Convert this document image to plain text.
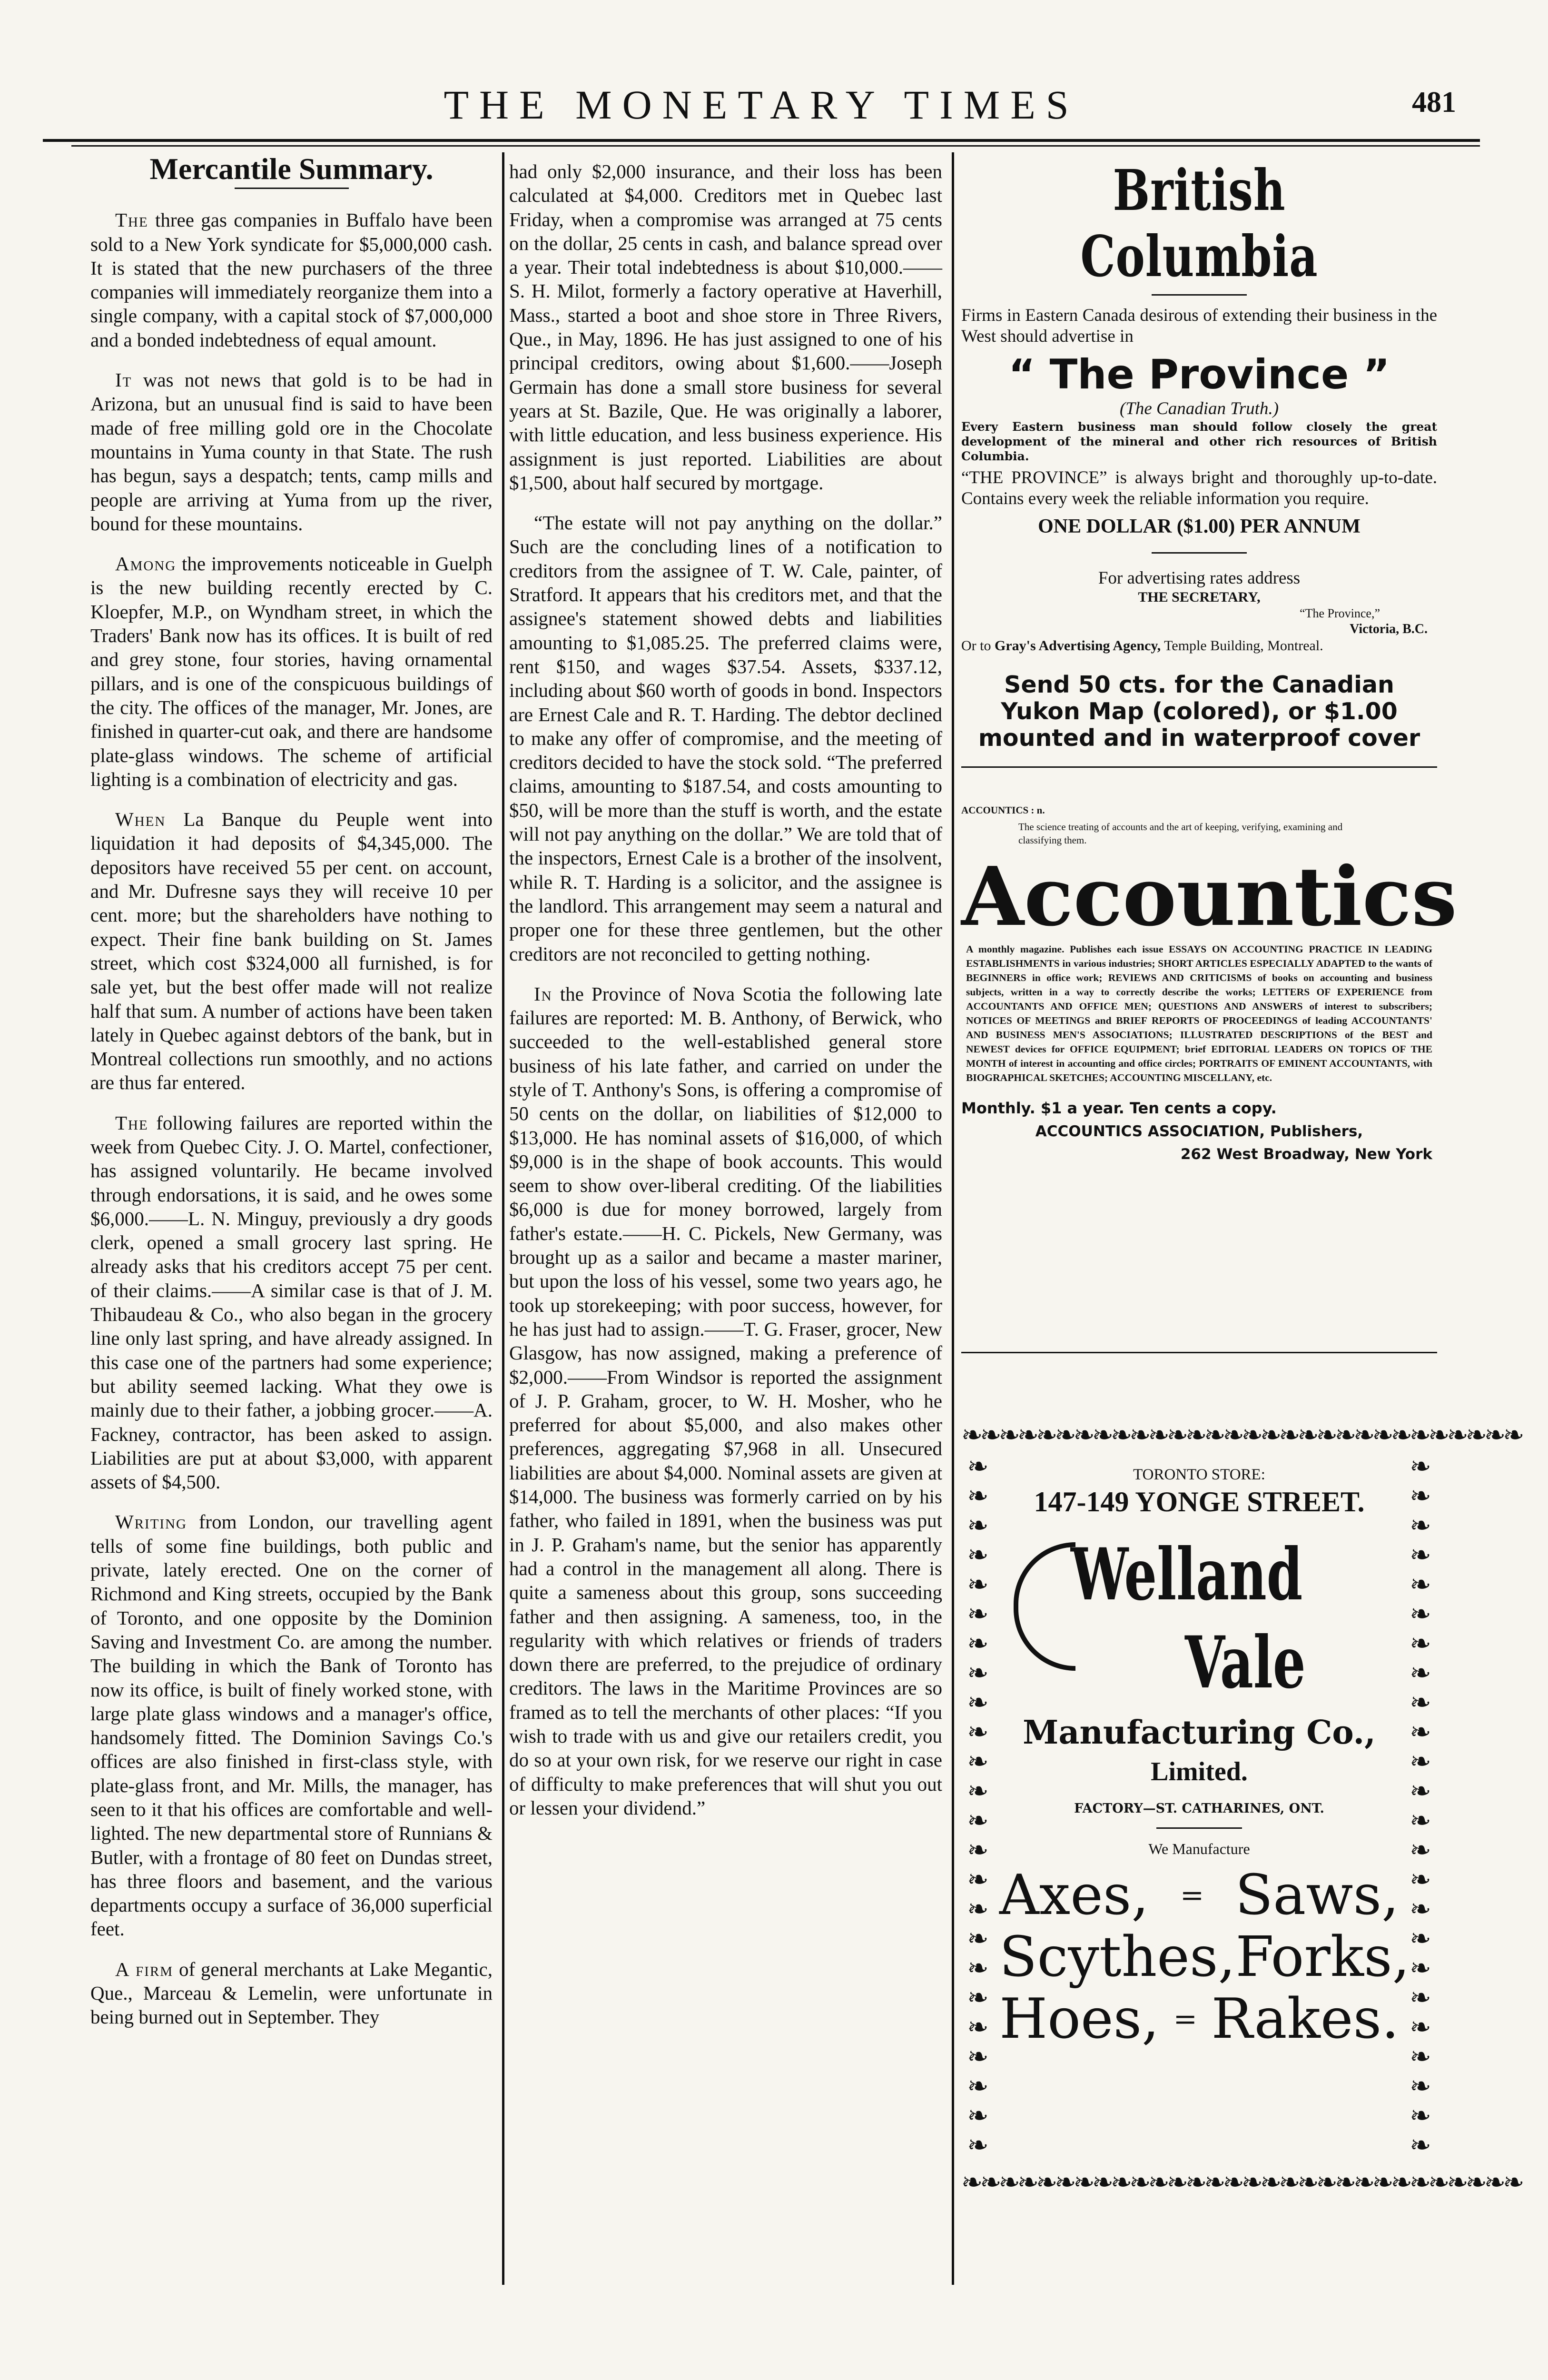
THE MONETARY TIMES	481
Mercantile Summary.

The three gas companies in Buffalo have been sold to a New York syndicate for $5,000,000 cash. It is stated that the new purchasers of the three companies will immediately reorganize them into a single company, with a capital stock of $7,000,000 and a bonded indebtedness of equal amount.

It was not news that gold is to be had in Arizona, but an unusual find is said to have been made of free milling gold ore in the Chocolate mountains in Yuma county in that State. The rush has begun, says a despatch; tents, camp mills and people are arriving at Yuma from up the river, bound for these mountains.

Among the improvements noticeable in Guelph is the new building recently erected by C. Kloepfer, M.P., on Wyndham street, in which the Traders' Bank now has its offices. It is built of red and grey stone, four stories, having ornamental pillars, and is one of the conspicuous buildings of the city. The offices of the manager, Mr. Jones, are finished in quarter-cut oak, and there are handsome plate-glass windows. The scheme of artificial lighting is a combination of electricity and gas.

When La Banque du Peuple went into liquidation it had deposits of $4,345,000. The depositors have received 55 per cent. on account, and Mr. Dufresne says they will receive 10 per cent. more; but the shareholders have nothing to expect. Their fine bank building on St. James street, which cost $324,000 all furnished, is for sale yet, but the best offer made will not realize half that sum. A number of actions have been taken lately in Quebec against debtors of the bank, but in Montreal collections run smoothly, and no actions are thus far entered.

The following failures are reported within the week from Quebec City. J. O. Martel, confectioner, has assigned voluntarily. He became involved through endorsations, it is said, and he owes some $6,000.——L. N. Minguy, previously a dry goods clerk, opened a small grocery last spring. He already asks that his creditors accept 75 per cent. of their claims.——A similar case is that of J. M. Thibaudeau & Co., who also began in the grocery line only last spring, and have already assigned. In this case one of the partners had some experience; but ability seemed lacking. What they owe is mainly due to their father, a jobbing grocer.——A. Fackney, contractor, has been asked to assign. Liabilities are put at about $3,000, with apparent assets of $4,500.

Writing from London, our travelling agent tells of some fine buildings, both public and private, lately erected. One on the corner of Richmond and King streets, occupied by the Bank of Toronto, and one opposite by the Dominion Saving and Investment Co. are among the number. The building in which the Bank of Toronto has now its office, is built of finely worked stone, with large plate glass windows and a manager's office, handsomely fitted. The Dominion Savings Co.'s offices are also finished in first-class style, with plate-glass front, and Mr. Mills, the manager, has seen to it that his offices are comfortable and well-lighted. The new departmental store of Runnians & Butler, with a frontage of 80 feet on Dundas street, has three floors and basement, and the various departments occupy a surface of 36,000 superficial feet.

A firm of general merchants at Lake Megantic, Que., Marceau & Lemelin, were unfortunate in being burned out in September. They

had only $2,000 insurance, and their loss has been calculated at $4,000. Creditors met in Quebec last Friday, when a compromise was arranged at 75 cents on the dollar, 25 cents in cash, and balance spread over a year. Their total indebtedness is about $10,000.——S. H. Milot, formerly a factory operative at Haverhill, Mass., started a boot and shoe store in Three Rivers, Que., in May, 1896. He has just assigned to one of his principal creditors, owing about $1,600.——Joseph Germain has done a small store business for several years at St. Bazile, Que. He was originally a laborer, with little education, and less business experience. His assignment is just reported. Liabilities are about $1,500, about half secured by mortgage.

“The estate will not pay anything on the dollar.” Such are the concluding lines of a notification to creditors from the assignee of T. W. Cale, painter, of Stratford. It appears that his creditors met, and that the assignee's statement showed debts and liabilities amounting to $1,085.25. The preferred claims were, rent $150, and wages $37.54. Assets, $337.12, including about $60 worth of goods in bond. Inspectors are Ernest Cale and R. T. Harding. The debtor declined to make any offer of compromise, and the meeting of creditors decided to have the stock sold. “The preferred claims, amounting to $187.54, and costs amounting to $50, will be more than the stuff is worth, and the estate will not pay anything on the dollar.” We are told that of the inspectors, Ernest Cale is a brother of the insolvent, while R. T. Harding is a solicitor, and the assignee is the landlord. This arrangement may seem a natural and proper one for these three gentlemen, but the other creditors are not reconciled to getting nothing.

In the Province of Nova Scotia the following late failures are reported: M. B. Anthony, of Berwick, who succeeded to the well-established general store business of his late father, and carried on under the style of T. Anthony's Sons, is offering a compromise of 50 cents on the dollar, on liabilities of $12,000 to $13,000. He has nominal assets of $16,000, of which $9,000 is in the shape of book accounts. This would seem to show over-liberal crediting. Of the liabilities $6,000 is due for money borrowed, largely from father's estate.——H. C. Pickels, New Germany, was brought up as a sailor and became a master mariner, but upon the loss of his vessel, some two years ago, he took up storekeeping; with poor success, however, for he has just had to assign.——T. G. Fraser, grocer, New Glasgow, has now assigned, making a preference of $2,000.——From Windsor is reported the assignment of J. P. Graham, grocer, to W. H. Mosher, who he preferred for about $5,000, and also makes other preferences, aggregating $7,968 in all. Unsecured liabilities are about $4,000. Nominal assets are given at $14,000. The business was formerly carried on by his father, who failed in 1891, when the business was put in J. P. Graham's name, but the senior has apparently had a control in the management all along. There is quite a sameness about this group, sons succeeding father and then assigning. A sameness, too, in the regularity with which relatives or friends of traders down there are preferred, to the prejudice of ordinary creditors. The laws in the Maritime Provinces are so framed as to tell the merchants of other places: “If you wish to trade with us and give our retailers credit, you do so at your own risk, for we reserve our right in case of difficulty to make preferences that will shut you out or lessen your dividend.”

British Columbia
Firms in Eastern Canada desirous of extending their business in the West should advertise in
“ The Province ”
(The Canadian Truth.)
Every Eastern business man should follow closely the great development of the mineral and other rich resources of British Columbia.
“THE PROVINCE” is always bright and thoroughly up-to-date. Contains every week the reliable information you require.
ONE DOLLAR ($1.00) PER ANNUM
For advertising rates address
THE SECRETARY,
“The Province,”
Victoria, B.C.
Or to Gray's Advertising Agency, Temple Building, Montreal.
Send 50 cts. for the Canadian Yukon Map (colored), or $1.00 mounted and in waterproof cover
ACCOUNTICS : n.
The science treating of accounts and the art of keeping, verifying, examining and classifying them.
Accountics
A monthly magazine. Publishes each issue ESSAYS ON ACCOUNTING PRACTICE IN LEADING ESTABLISHMENTS in various industries; SHORT ARTICLES ESPECIALLY ADAPTED to the wants of BEGINNERS in office work; REVIEWS AND CRITICISMS of books on accounting and business subjects, written in a way to correctly describe the works; LETTERS OF EXPERIENCE from ACCOUNTANTS AND OFFICE MEN; QUESTIONS AND ANSWERS of interest to subscribers; NOTICES OF MEETINGS and BRIEF REPORTS OF PROCEEDINGS of leading ACCOUNTANTS' AND BUSINESS MEN'S ASSOCIATIONS; ILLUSTRATED DESCRIPTIONS of the BEST and NEWEST devices for OFFICE EQUIPMENT; brief EDITORIAL LEADERS ON TOPICS OF THE MONTH of interest in accounting and office circles; PORTRAITS OF EMINENT ACCOUNTANTS, with BIOGRAPHICAL SKETCHES; ACCOUNTING MISCELLANY, etc.
Monthly. $1 a year. Ten cents a copy.
ACCOUNTICS ASSOCIATION, Publishers,
262 West Broadway, New York
❧❧❧❧❧❧❧❧❧❧❧❧❧❧❧❧❧❧❧❧❧❧❧❧❧❧❧❧❧❧
❧❧❧❧❧❧❧❧❧❧❧❧❧❧❧❧❧❧❧❧❧❧❧❧❧❧❧❧❧❧
❧
❧
❧
❧
❧
❧
❧
❧
❧
❧
❧
❧
❧
❧
❧
❧
❧
❧
❧
❧
❧
❧
❧
❧
❧
❧
❧
❧
❧
❧
❧
❧
❧
❧
❧
❧
❧
❧
❧
❧
❧
❧
❧
❧
❧
❧
❧
❧
TORONTO STORE:
147-149 YONGE STREET.
Welland
Vale
Manufacturing Co.,
Limited.
FACTORY—ST. CATHARINES, ONT.
We Manufacture
Axes, = Saws,
Scythes, Forks,
Hoes, = Rakes.
